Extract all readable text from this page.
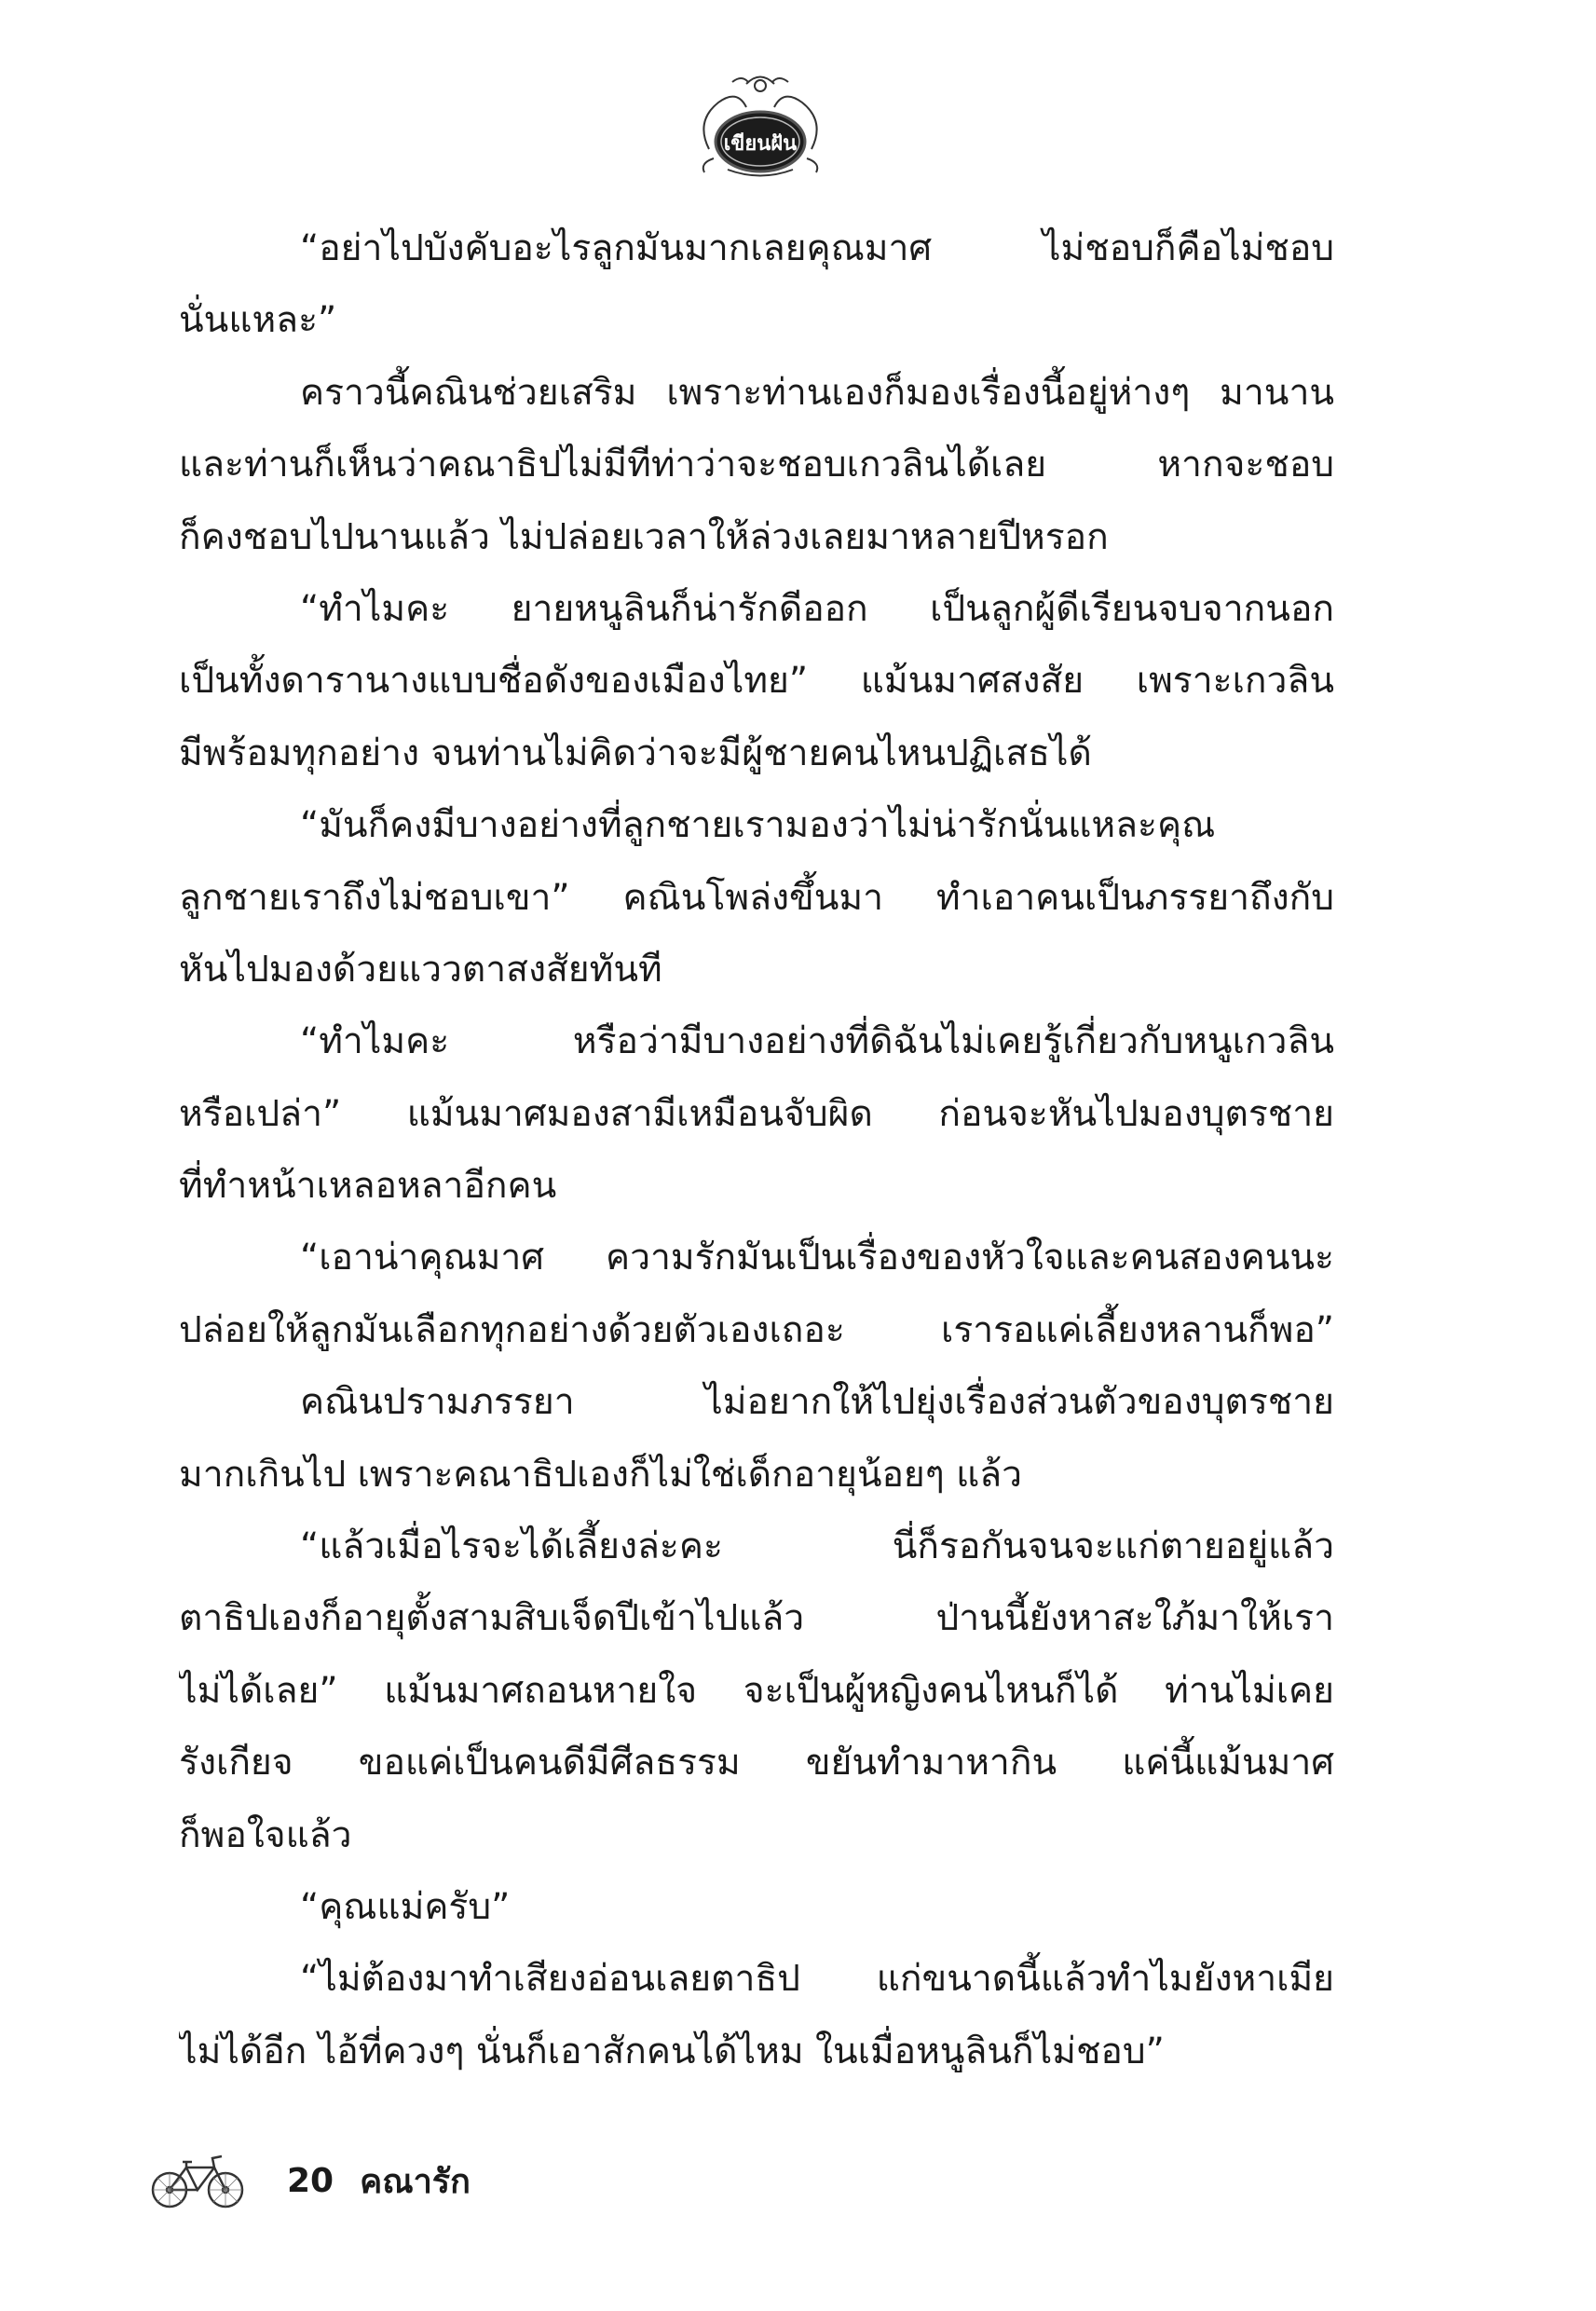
เขียนฝัน
“อย่าไปบังคับอะไรลูกมันมากเลยคุณมาศ ไม่ชอบก็คือไม่ชอบ
นั่นแหละ”
คราวนี้คณินช่วยเสริม เพราะท่านเองก็มองเรื่องนี้อยู่ห่างๆ มานาน
และท่านก็เห็นว่าคณาธิปไม่มีทีท่าว่าจะชอบเกวลินได้เลย หากจะชอบ
ก็คงชอบไปนานแล้ว ไม่ปล่อยเวลาให้ล่วงเลยมาหลายปีหรอก
“ทำไมคะ ยายหนูลินก็น่ารักดีออก เป็นลูกผู้ดีเรียนจบจากนอก
เป็นทั้งดารานางแบบชื่อดังของเมืองไทย” แม้นมาศสงสัย เพราะเกวลิน
มีพร้อมทุกอย่าง จนท่านไม่คิดว่าจะมีผู้ชายคนไหนปฏิเสธได้
“มันก็คงมีบางอย่างที่ลูกชายเรามองว่าไม่น่ารักนั่นแหละคุณ
ลูกชายเราถึงไม่ชอบเขา” คณินโพล่งขึ้นมา ทำเอาคนเป็นภรรยาถึงกับ
หันไปมองด้วยแววตาสงสัยทันที
“ทำไมคะ หรือว่ามีบางอย่างที่ดิฉันไม่เคยรู้เกี่ยวกับหนูเกวลิน
หรือเปล่า” แม้นมาศมองสามีเหมือนจับผิด ก่อนจะหันไปมองบุตรชาย
ที่ทำหน้าเหลอหลาอีกคน
“เอาน่าคุณมาศ ความรักมันเป็นเรื่องของหัวใจและคนสองคนนะ
ปล่อยให้ลูกมันเลือกทุกอย่างด้วยตัวเองเถอะ เรารอแค่เลี้ยงหลานก็พอ”
คณินปรามภรรยา ไม่อยากให้ไปยุ่งเรื่องส่วนตัวของบุตรชาย
มากเกินไป เพราะคณาธิปเองก็ไม่ใช่เด็กอายุน้อยๆ แล้ว
“แล้วเมื่อไรจะได้เลี้ยงล่ะคะ นี่ก็รอกันจนจะแก่ตายอยู่แล้ว
ตาธิปเองก็อายุตั้งสามสิบเจ็ดปีเข้าไปแล้ว ป่านนี้ยังหาสะใภ้มาให้เรา
ไม่ได้เลย” แม้นมาศถอนหายใจ จะเป็นผู้หญิงคนไหนก็ได้ ท่านไม่เคย
รังเกียจ ขอแค่เป็นคนดีมีศีลธรรม ขยันทำมาหากิน แค่นี้แม้นมาศ
ก็พอใจแล้ว
“คุณแม่ครับ”
“ไม่ต้องมาทำเสียงอ่อนเลยตาธิป แก่ขนาดนี้แล้วทำไมยังหาเมีย
ไม่ได้อีก ไอ้ที่ควงๆ นั่นก็เอาสักคนได้ไหม ในเมื่อหนูลินก็ไม่ชอบ”
20 คณารัก
